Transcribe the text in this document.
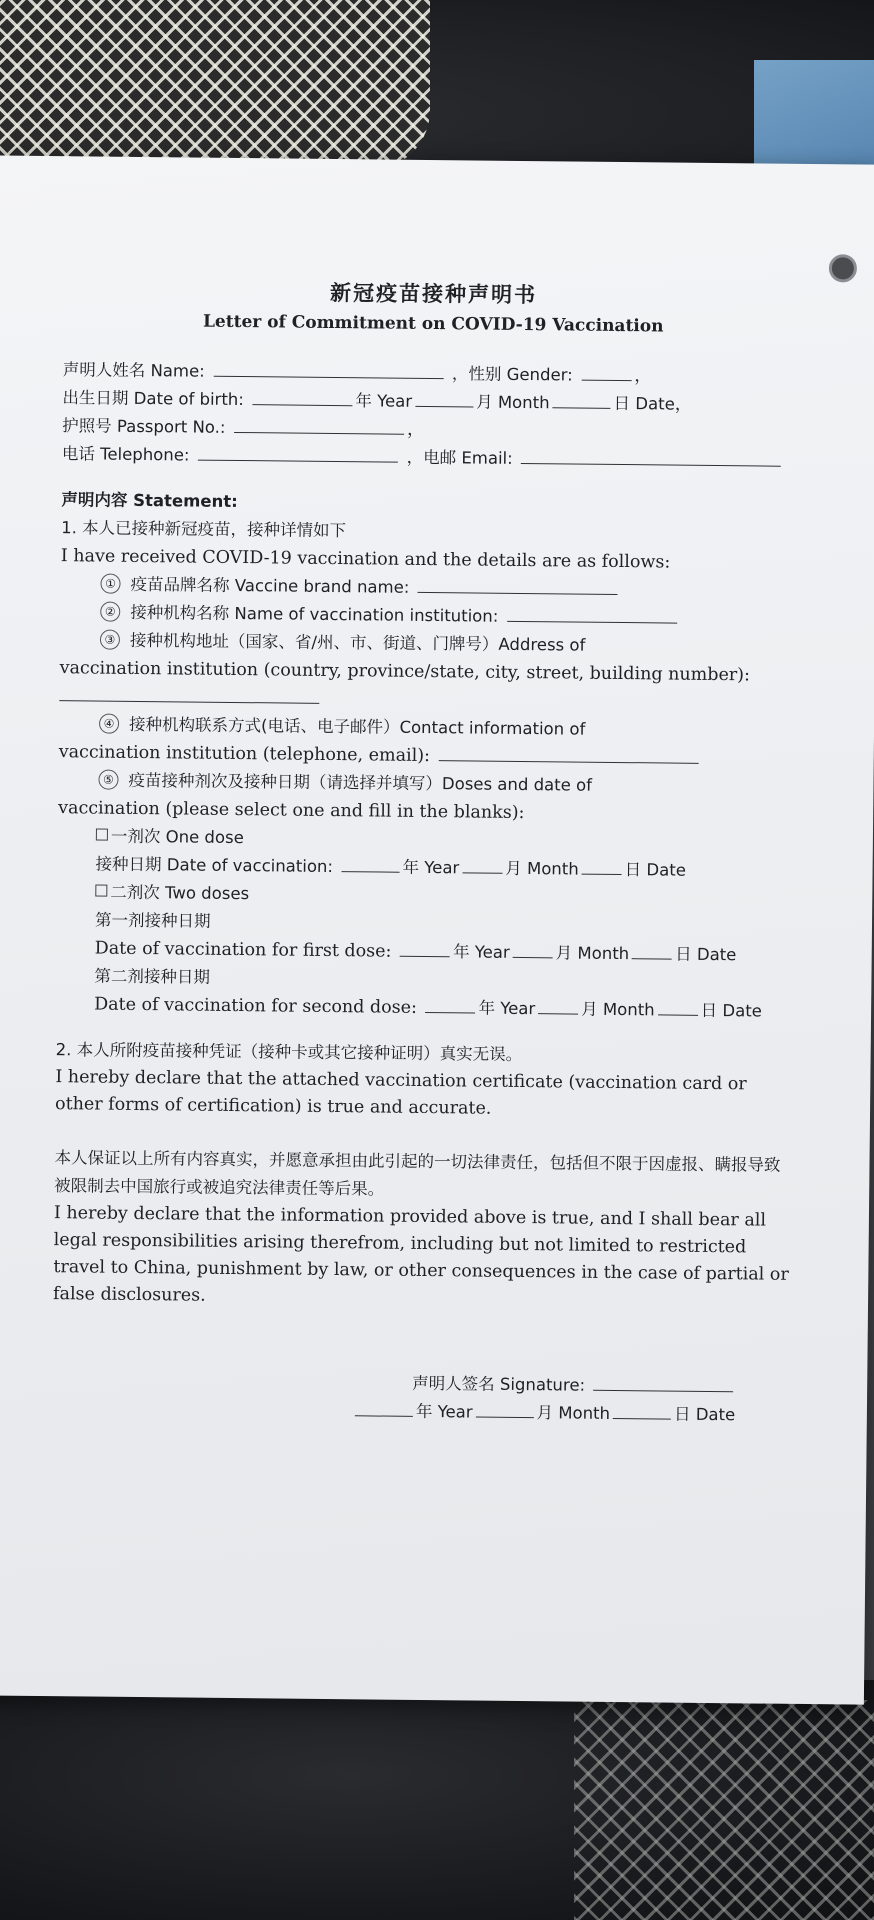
新冠疫苗接种声明书
Letter of Commitment on COVID-19 Vaccination
声明人姓名 Name:	，性别 Gender:	，
出生日期 Date of birth:	年 Year	月 Month	日 Date，
护照号 Passport No.:	，
电话 Telephone:	，电邮 Email:
声明内容 Statement:
1. 本人已接种新冠疫苗，接种详情如下
I have received COVID-19 vaccination and the details are as follows:
① 疫苗品牌名称 Vaccine brand name:
② 接种机构名称 Name of vaccination institution:
③ 接种机构地址（国家、省/州、市、街道、门牌号）Address of
vaccination institution (country, province/state, city, street, building number):
④ 接种机构联系方式(电话、电子邮件）Contact information of
vaccination institution (telephone, email):
⑤ 疫苗接种剂次及接种日期（请选择并填写）Doses and date of
vaccination (please select one and fill in the blanks):
一剂次 One dose
接种日期 Date of vaccination:	年 Year	月 Month	日 Date
二剂次 Two doses
第一剂接种日期
Date of vaccination for first dose:	年 Year	月 Month	日 Date
第二剂接种日期
Date of vaccination for second dose:	年 Year	月 Month	日 Date
2. 本人所附疫苗接种凭证（接种卡或其它接种证明）真实无误。
I hereby declare that the attached vaccination certificate (vaccination card or other forms of certification) is true and accurate.
本人保证以上所有内容真实，并愿意承担由此引起的一切法律责任，包括但不限于因虚报、瞒报导致被限制去中国旅行或被追究法律责任等后果。
I hereby declare that the information provided above is true, and I shall bear all legal responsibilities arising therefrom, including but not limited to restricted travel to China, punishment by law, or other consequences in the case of partial or false disclosures.
声明人签名 Signature:
年 Year	月 Month	日 Date
